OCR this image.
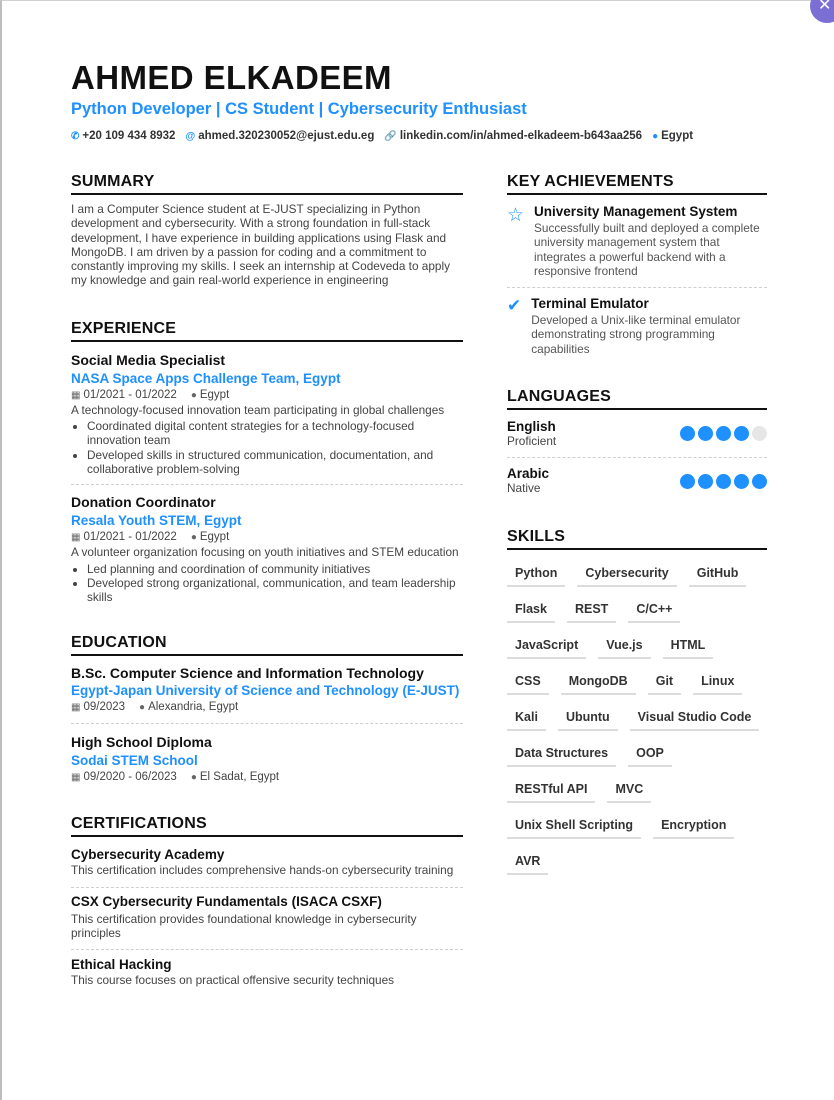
✕
AHMED ELKADEEM
Python Developer | CS Student | Cybersecurity Enthusiast
✆ +20 109 434 8932 @ ahmed.320230052@ejust.edu.eg 🔗 linkedin.com/in/ahmed-elkadeem-b643aa256 ● Egypt
SUMMARY
I am a Computer Science student at E-JUST specializing in Python development and cybersecurity. With a strong foundation in full-stack development, I have experience in building applications using Flask and MongoDB. I am driven by a passion for coding and a commitment to constantly improving my skills. I seek an internship at Codeveda to apply my knowledge and gain real-world experience in engineering
EXPERIENCE
Social Media Specialist
NASA Space Apps Challenge Team, Egypt
▦ 01/2021 - 01/2022 ● Egypt
A technology-focused innovation team participating in global challenges
• Coordinated digital content strategies for a technology-focused innovation team
• Developed skills in structured communication, documentation, and collaborative problem-solving
Donation Coordinator
Resala Youth STEM, Egypt
▦ 01/2021 - 01/2022 ● Egypt
A volunteer organization focusing on youth initiatives and STEM education
• Led planning and coordination of community initiatives
• Developed strong organizational, communication, and team leadership skills
EDUCATION
B.Sc. Computer Science and Information Technology
Egypt-Japan University of Science and Technology (E-JUST)
▦ 09/2023 ● Alexandria, Egypt
High School Diploma
Sodai STEM School
▦ 09/2020 - 06/2023 ● El Sadat, Egypt
CERTIFICATIONS
Cybersecurity Academy
This certification includes comprehensive hands-on cybersecurity training
CSX Cybersecurity Fundamentals (ISACA CSXF)
This certification provides foundational knowledge in cybersecurity principles
Ethical Hacking
This course focuses on practical offensive security techniques
KEY ACHIEVEMENTS
☆ University Management System
Successfully built and deployed a complete university management system that integrates a powerful backend with a responsive frontend
✔ Terminal Emulator
Developed a Unix-like terminal emulator demonstrating strong programming capabilities
LANGUAGES
English
Proficient
Arabic
Native
SKILLS
Python	Cybersecurity	GitHub
Flask	REST	C/C++
JavaScript	Vue.js	HTML
CSS	MongoDB	Git	Linux
Kali	Ubuntu	Visual Studio Code
Data Structures	OOP
RESTful API	MVC
Unix Shell Scripting	Encryption
AVR
